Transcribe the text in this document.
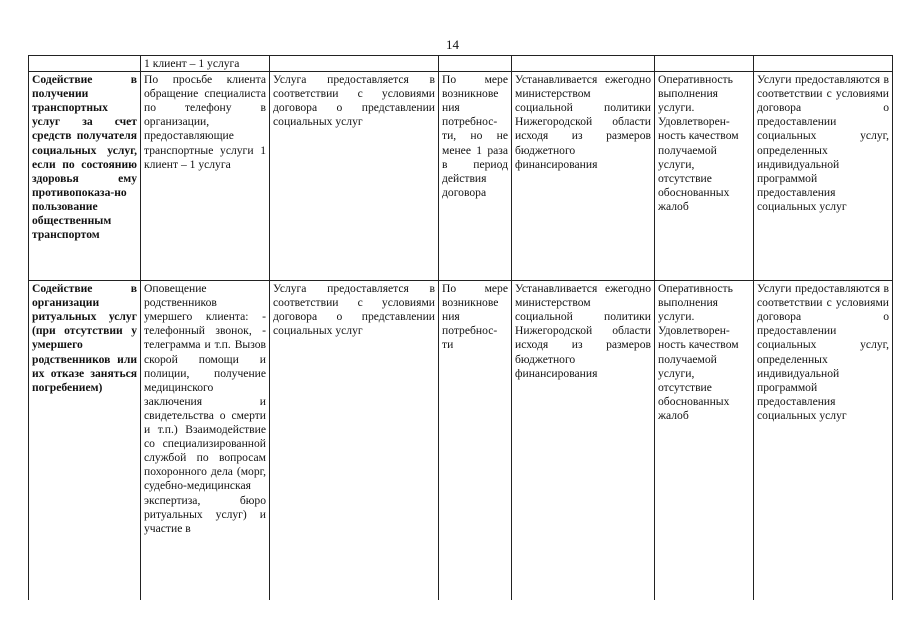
14
	1 клиент – 1 услуга					
Содействие в получении транспортных услуг за счет средств получателя социальных услуг, если по состоянию здоровья ему противопоказа-но пользование общественным транспортом	По просьбе клиента обращение специалиста по телефону в организации, предоставляющие транспортные услуги 1 клиент – 1 услуга	Услуга предоставляется в соответствии с условиями договора о представлении социальных услуг	По мере возникнове ния потребнос-ти, но не менее 1 раза в период действия договора	Устанавливается ежегодно министерством социальной политики Нижегородской области исходя из размеров бюджетного финансирования	Оперативность выполнения услуги. Удовлетворен-ность качеством получаемой услуги, отсутствие обоснованных жалоб	Услуги предоставляются в соответствии с условиями договора о предоставлении социальных услуг, определенных индивидуальной программой предоставления социальных услуг
Содействие в организации ритуальных услуг (при отсутствии у умершего родственников или их отказе заняться погребением)	Оповещение родственников умершего клиента: - телефонный звонок, - телеграмма и т.п. Вызов скорой помощи и полиции, получение медицинского заключения и свидетельства о смерти и т.п.) Взаимодействие со специализированной службой по вопросам похоронного дела (морг, судебно-медицинская экспертиза, бюро ритуальных услуг) и участие в	Услуга предоставляется в соответствии с условиями договора о представлении социальных услуг	По мере возникнове ния потребнос-ти	Устанавливается ежегодно министерством социальной политики Нижегородской области исходя из размеров бюджетного финансирования	Оперативность выполнения услуги. Удовлетворен-ность качеством получаемой услуги, отсутствие обоснованных жалоб	Услуги предоставляются в соответствии с условиями договора о предоставлении социальных услуг, определенных индивидуальной программой предоставления социальных услуг
